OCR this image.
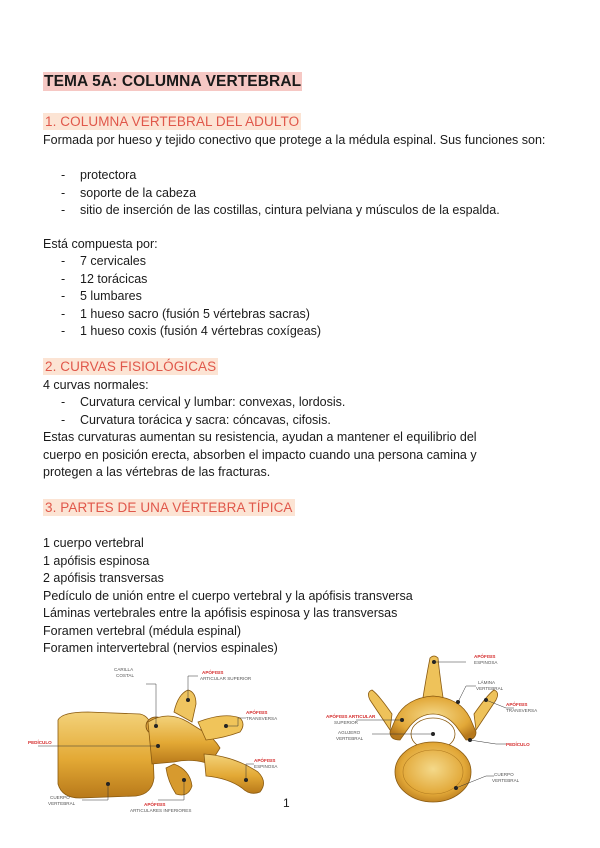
TEMA 5A: COLUMNA VERTEBRAL
1. COLUMNA VERTEBRAL DEL ADULTO

Formada por hueso y tejido conectivo que protege a la médula espinal. Sus funciones son:

- protectora
- soporte de la cabeza
- sitio de inserción de las costillas, cintura pelviana y músculos de la espalda.

Está compuesta por:

- 7 cervicales
- 12 torácicas
- 5 lumbares
- 1 hueso sacro (fusión 5 vértebras sacras)
- 1 hueso coxis (fusión 4 vértebras coxígeas)
2. CURVAS FISIOLÓGICAS

4 curvas normales:

- Curvatura cervical y lumbar: convexas, lordosis.
- Curvatura torácica y sacra: cóncavas, cifosis.

Estas curvaturas aumentan su resistencia, ayudan a mantener el equilibrio del cuerpo en posición erecta, absorben el impacto cuando una persona camina y protegen a las vértebras de las fracturas.

3. PARTES DE UNA VÉRTEBRA TÍPICA
1 cuerpo vertebral
1 apófisis espinosa
2 apófisis transversas
Pedículo de unión entre el cuerpo vertebral y la apófisis transversa
Láminas vertebrales entre la apófisis espinosa y las transversas
Foramen vertebral (médula espinal)
Foramen intervertebral (nervios espinales)
CARILLA
COSTAL
APÓFISIS
ARTICULAR SUPERIOR
APÓFISIS
TRANSVERSA
PEDÍCULO
APÓFISIS
ESPINOSA
CUERPO
VERTEBRAL	APÓFISIS
ARTICULARES INFERIORES
1
APÓFISIS
ESPINOSA
LÁMINA
VERTEBRAL
APÓFISIS
TRANSVERSA
APÓFISIS ARTICULAR
SUPERIOR
AGUJERO
VERTEBRAL
PEDÍCULO
CUERPO
VERTEBRAL
